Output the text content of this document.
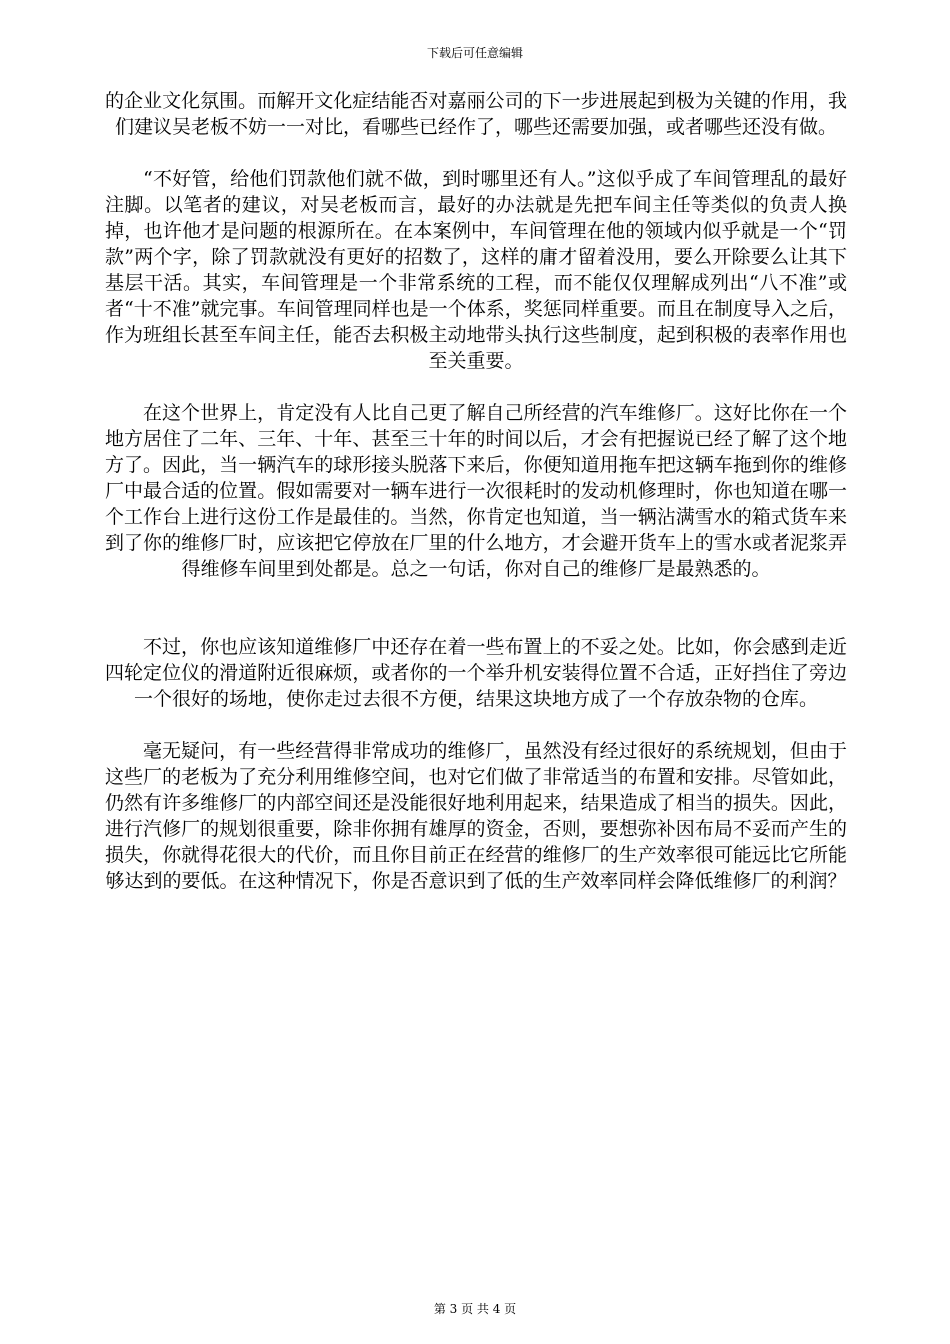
下载后可任意编辑

的企业文化氛围。而解开文化症结能否对嘉丽公司的下一步进展起到极为关键的作用，我们建议吴老板不妨一一对比，看哪些已经作了，哪些还需要加强，或者哪些还没有做。

“不好管，给他们罚款他们就不做，到时哪里还有人。”这似乎成了车间管理乱的最好注脚。以笔者的建议，对吴老板而言，最好的办法就是先把车间主任等类似的负责人换掉，也许他才是问题的根源所在。在本案例中，车间管理在他的领域内似乎就是一个“罚款”两个字，除了罚款就没有更好的招数了，这样的庸才留着没用，要么开除要么让其下基层干活。其实，车间管理是一个非常系统的工程，而不能仅仅理解成列出“八不准”或者“十不准”就完事。车间管理同样也是一个体系，奖惩同样重要。而且在制度导入之后，作为班组长甚至车间主任，能否去积极主动地带头执行这些制度，起到积极的表率作用也至关重要。

在这个世界上，肯定没有人比自己更了解自己所经营的汽车维修厂。这好比你在一个地方居住了二年、三年、十年、甚至三十年的时间以后，才会有把握说已经了解了这个地方了。因此，当一辆汽车的球形接头脱落下来后，你便知道用拖车把这辆车拖到你的维修厂中最合适的位置。假如需要对一辆车进行一次很耗时的发动机修理时，你也知道在哪一个工作台上进行这份工作是最佳的。当然，你肯定也知道，当一辆沾满雪水的箱式货车来到了你的维修厂时，应该把它停放在厂里的什么地方，才会避开货车上的雪水或者泥浆弄得维修车间里到处都是。总之一句话，你对自己的维修厂是最熟悉的。

不过，你也应该知道维修厂中还存在着一些布置上的不妥之处。比如，你会感到走近四轮定位仪的滑道附近很麻烦，或者你的一个举升机安装得位置不合适，正好挡住了旁边一个很好的场地，使你走过去很不方便，结果这块地方成了一个存放杂物的仓库。

毫无疑问，有一些经营得非常成功的维修厂，虽然没有经过很好的系统规划，但由于这些厂的老板为了充分利用维修空间，也对它们做了非常适当的布置和安排。尽管如此，仍然有许多维修厂的内部空间还是没能很好地利用起来，结果造成了相当的损失。因此，进行汽修厂的规划很重要，除非你拥有雄厚的资金，否则，要想弥补因布局不妥而产生的损失，你就得花很大的代价，而且你目前正在经营的维修厂的生产效率很可能远比它所能够达到的要低。在这种情况下，你是否意识到了低的生产效率同样会降低维修厂的利润？

第 3 页 共 4 页
